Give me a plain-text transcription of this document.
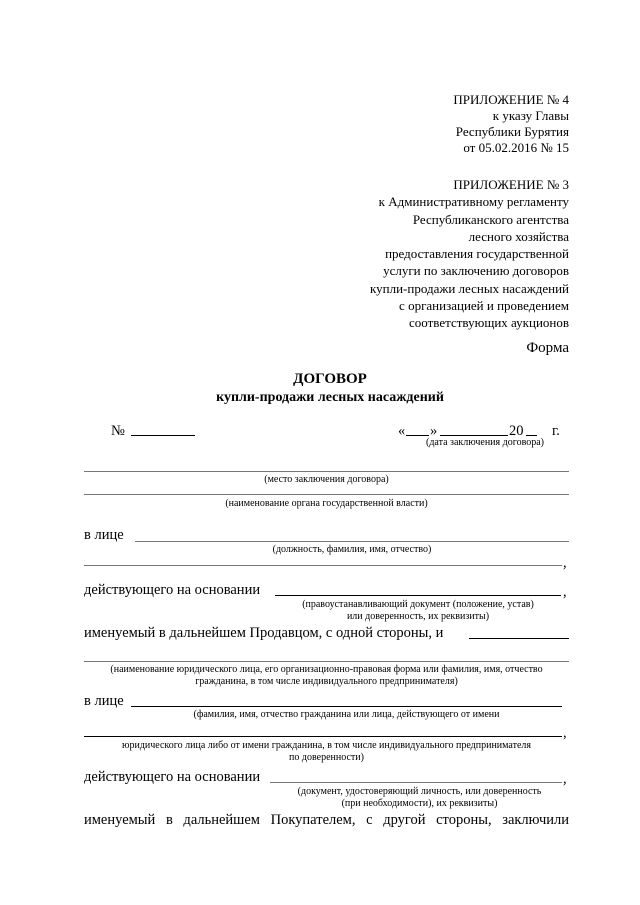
ПРИЛОЖЕНИЕ № 4
к указу Главы
Республики Бурятия
от 05.02.2016 № 15
ПРИЛОЖЕНИЕ № 3
к Административному регламенту
Республиканского агентства
лесного хозяйства
предоставления государственной
услуги по заключению договоров
купли-продажи лесных насаждений
с организацией и проведением
соответствующих аукционов
Форма
ДОГОВОР
купли-продажи лесных насаждений
№	« »	20 г.
(дата заключения договора)
(место заключения договора)
(наименование органа государственной власти)
в лице
(должность, фамилия, имя, отчество)
,
действующего на основании	,
(правоустанавливающий документ (положение, устав)
или доверенность, их реквизиты)
именуемый в дальнейшем Продавцом, с одной стороны, и
(наименование юридического лица, его организационно-правовая форма или фамилия, имя, отчество
гражданина, в том числе индивидуального предпринимателя)
в лице
(фамилия, имя, отчество гражданина или лица, действующего от имени
,
юридического лица либо от имени гражданина, в том числе индивидуального предпринимателя
по доверенности)
действующего на основании	,
(документ, удостоверяющий личность, или доверенность
(при необходимости), их реквизиты)
именуемый в дальнейшем Покупателем, с другой стороны, заключили
